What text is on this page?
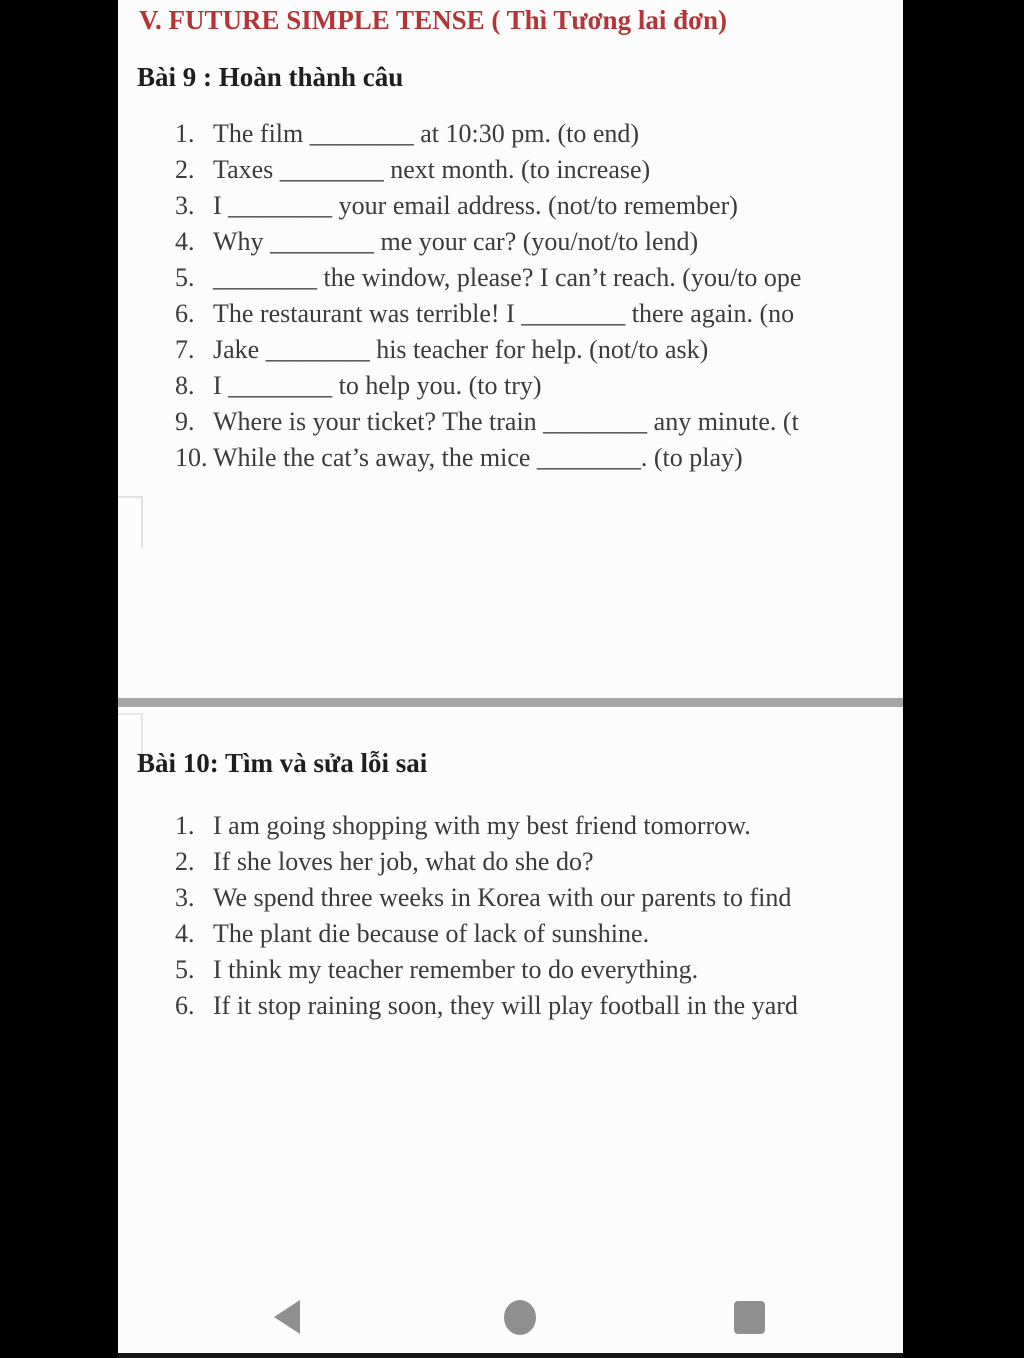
V. FUTURE SIMPLE TENSE ( Thì Tương lai đơn)
Bài 9 : Hoàn thành câu
1. The film ________ at 10:30 pm. (to end)
2. Taxes ________ next month. (to increase)
3. I ________ your email address. (not/to remember)
4. Why ________ me your car? (you/not/to lend)
5. ________ the window, please? I can’t reach. (you/to ope
6. The restaurant was terrible! I ________ there again. (no
7. Jake ________ his teacher for help. (not/to ask)
8. I ________ to help you. (to try)
9. Where is your ticket? The train ________ any minute. (t
10. While the cat’s away, the mice ________. (to play)
Bài 10: Tìm và sửa lỗi sai
1. I am going shopping with my best friend tomorrow.
2. If she loves her job, what do she do?
3. We spend three weeks in Korea with our parents to find
4. The plant die because of lack of sunshine.
5. I think my teacher remember to do everything.
6. If it stop raining soon, they will play football in the yard
